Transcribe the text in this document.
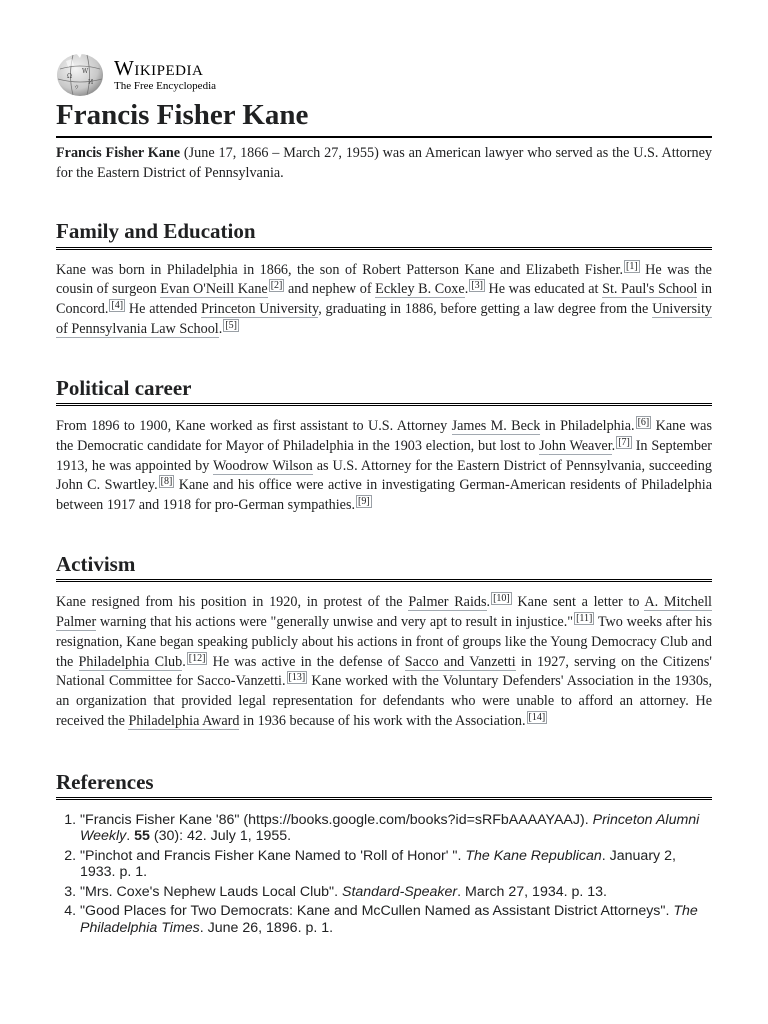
Ω
W
И
ウ
Wikipedia
The Free Encyclopedia
Francis Fisher Kane

Francis Fisher Kane (June 17, 1866 – March 27, 1955) was an American lawyer who served as the U.S. Attorney for the Eastern District of Pennsylvania.

Family and Education

Kane was born in Philadelphia in 1866, the son of Robert Patterson Kane and Elizabeth Fisher. [1] He was the cousin of surgeon Evan O'Neill Kane [2] and nephew of Eckley B. Coxe. [3] He was educated at St. Paul's School in Concord. [4] He attended Princeton University, graduating in 1886, before getting a law degree from the University of Pennsylvania Law School. [5]

Political career

From 1896 to 1900, Kane worked as first assistant to U.S. Attorney James M. Beck in Philadelphia. [6] Kane was the Democratic candidate for Mayor of Philadelphia in the 1903 election, but lost to John Weaver. [7] In September 1913, he was appointed by Woodrow Wilson as U.S. Attorney for the Eastern District of Pennsylvania, succeeding John C. Swartley. [8] Kane and his office were active in investigating German-American residents of Philadelphia between 1917 and 1918 for pro-German sympathies. [9]

Activism

Kane resigned from his position in 1920, in protest of the Palmer Raids. [10] Kane sent a letter to A. Mitchell Palmer warning that his actions were "generally unwise and very apt to result in injustice." [11] Two weeks after his resignation, Kane began speaking publicly about his actions in front of groups like the Young Democracy Club and the Philadelphia Club. [12] He was active in the defense of Sacco and Vanzetti in 1927, serving on the Citizens' National Committee for Sacco-Vanzetti. [13] Kane worked with the Voluntary Defenders' Association in the 1930s, an organization that provided legal representation for defendants who were unable to afford an attorney. He received the Philadelphia Award in 1936 because of his work with the Association. [14]

References
1. "Francis Fisher Kane '86" (https://books.google.com/books?id=sRFbAAAAYAAJ). Princeton Alumni Weekly. 55 (30): 42. July 1, 1955.
2. "Pinchot and Francis Fisher Kane Named to 'Roll of Honor' ". The Kane Republican. January 2, 1933. p. 1.
3. "Mrs. Coxe's Nephew Lauds Local Club". Standard-Speaker. March 27, 1934. p. 13.
4. "Good Places for Two Democrats: Kane and McCullen Named as Assistant District Attorneys". The Philadelphia Times. June 26, 1896. p. 1.
